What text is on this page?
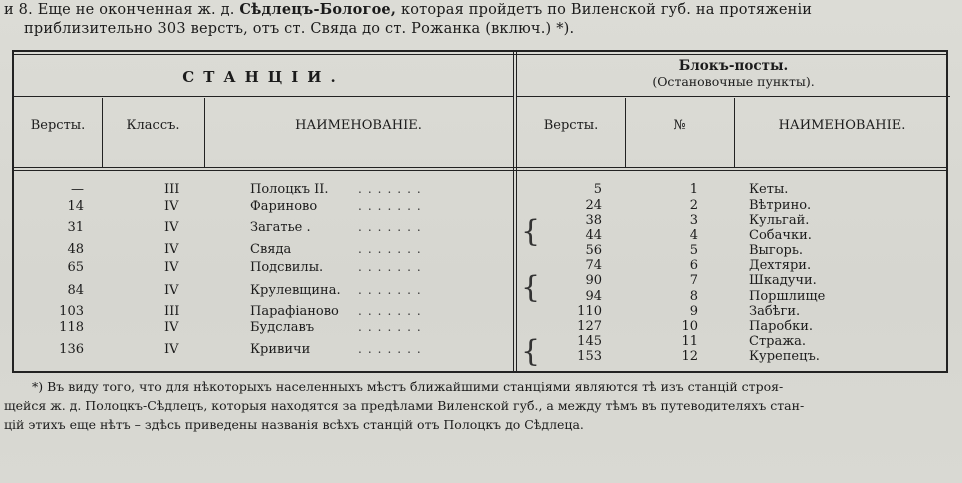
и 8. Еще не оконченная ж. д. Сѣдлецъ-Бологое, которая пройдетъ по Виленской губ. на протяженiи
приблизительно 303 верстъ, отъ ст. Свяда до ст. Рожанка (включ.) *).
СТАНЦIИ.
Блокъ-посты.
(Остановочные пункты).
Версты.	Классъ.	НАИМЕНОВАНIЕ.	Версты.	№	НАИМЕНОВАНIЕ.
—	III	Полоцкъ II. .......
14	IV	Фариново	.......
31	IV	Загатье .	.......
48	IV	Свяда	.......
65	IV	Подсвилы.	.......
84	IV	Крулевщина. .......
103	III	Парафiаново .......
118	IV	Будславъ	.......
136	IV	Кривичи	.......
5	1	Кеты.
24	2	Вѣтрино.
38	3	Кульгай.
44	4	Собачки.
56	5	Выгорь.
74	6	Дехтяри.
90	7	Шкадучи.
94	8	Поршлище
110	9	Забѣги.
127	10	Паробки.
145	11	Стража.
153	12	Курепецъ.
{
{
{
*) Въ виду того, что для нѣкоторыхъ населенныхъ мѣстъ ближайшими станцiями являются тѣ изъ станцiй строя-
щейся ж. д. Полоцкъ-Сѣдлецъ, которыя находятся за предѣлами Виленской губ., а между тѣмъ въ путеводителяхъ стан-
цiй этихъ еще нѣтъ – здѣсь приведены названiя всѣхъ станцiй отъ Полоцкъ до Сѣдлеца.
